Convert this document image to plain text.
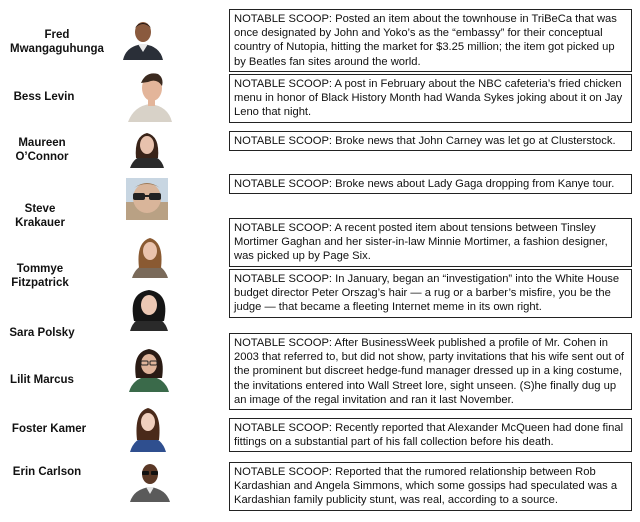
Fred
Mwangaguhunga
Bess Levin
Maureen
O’Connor
Steve
Krakauer
Tommye
Fitzpatrick
Sara Polsky
Lilit Marcus
Foster Kamer
Erin Carlson
NOTABLE SCOOP: Posted an item about the townhouse in TriBeCa that was once designated by John and Yoko’s as the “embassy” for their conceptual country of Nutopia, hitting the market for $3.25 million; the item got picked up by Beatles fan sites around the world.
NOTABLE SCOOP: A post in February about the NBC cafeteria’s fried chicken menu in honor of Black History Month had Wanda Sykes joking about it on Jay Leno that night.
NOTABLE SCOOP: Broke news that John Carney was let go at Clusterstock.
NOTABLE SCOOP: Broke news about Lady Gaga dropping from Kanye tour.
NOTABLE SCOOP: A recent posted item about tensions between Tinsley Mortimer Gaghan and her sister-in-law Minnie Mortimer, a fashion designer, was picked up by Page Six.
NOTABLE SCOOP: In January, began an “investigation” into the White House budget director Peter Orszag’s hair — a rug or a barber’s misfire, you be the judge — that became a fleeting Internet meme in its own right.
NOTABLE SCOOP: After BusinessWeek published a profile of Mr. Cohen in 2003 that referred to, but did not show, party invitations that his wife sent out of the prominent but discreet hedge-fund manager dressed up in a king costume, the invitations entered into Wall Street lore, sight unseen. (S)he finally dug up an image of the regal invitation and ran it last November.
NOTABLE SCOOP: Recently reported that Alexander McQueen had done final fittings on a substantial part of his fall collection before his death.
NOTABLE SCOOP: Reported that the rumored relationship between Rob Kardashian and Angela Simmons, which some gossips had speculated was a Kardashian family publicity stunt, was real, according to a source.
